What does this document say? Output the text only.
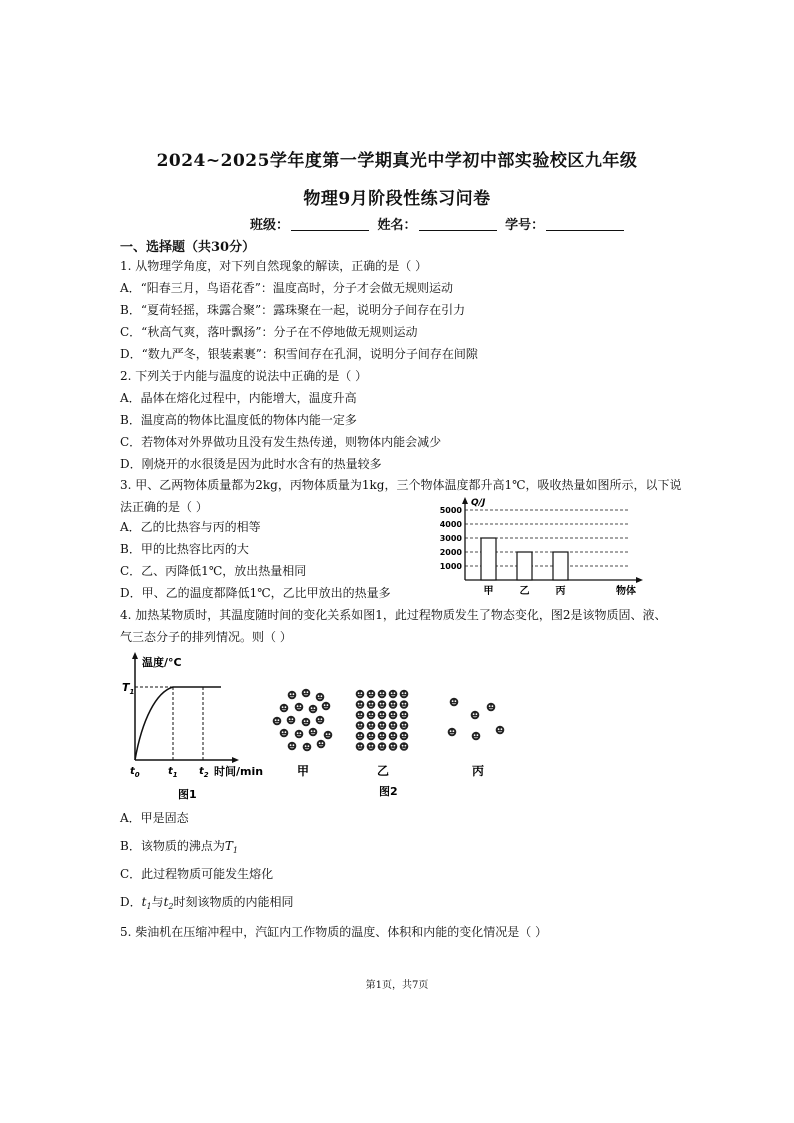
2024~2025学年度第一学期真光中学初中部实验校区九年级
物理9月阶段性练习问卷
班级：	姓名：	学号：
一、选择题（共30分）
1. 从物理学角度，对下列自然现象的解读，正确的是（ ）
A．“阳春三月，鸟语花香”：温度高时，分子才会做无规则运动
B．“夏荷轻摇，珠露合聚”：露珠聚在一起，说明分子间存在引力
C．“秋高气爽，落叶飘扬”：分子在不停地做无规则运动
D．“数九严冬，银装素裹”：积雪间存在孔洞，说明分子间存在间隙
2. 下列关于内能与温度的说法中正确的是（ ）
A．晶体在熔化过程中，内能增大，温度升高
B．温度高的物体比温度低的物体内能一定多
C．若物体对外界做功且没有发生热传递，则物体内能会减少
D．刚烧开的水很烫是因为此时水含有的热量较多
3. 甲、乙两物体质量都为2kg，丙物体质量为1kg，三个物体温度都升高1℃，吸收热量如图所示，以下说
法正确的是（ ）
A．乙的比热容与丙的相等
B．甲的比热容比丙的大
C．乙、丙降低1℃，放出热量相同
D．甲、乙的温度都降低1℃，乙比甲放出的热量多
1000
2000
3000
4000
5000
Q/J
物体
甲	乙	丙
4. 加热某物质时，其温度随时间的变化关系如图1，此过程物质发生了物态变化，图2是该物质固、液、
气三态分子的排列情况。则（ ）
温度/°C
$T_1$
$t_0$	$t_1$ $t_2$ 时间/min
图1
甲	乙	丙
图2
A．甲是固态
B．该物质的沸点为$T_1$
C．此过程物质可能发生熔化
D．$t_1$与$t_2$时刻该物质的内能相同
5. 柴油机在压缩冲程中，汽缸内工作物质的温度、体积和内能的变化情况是（ ）
第1页，共7页
